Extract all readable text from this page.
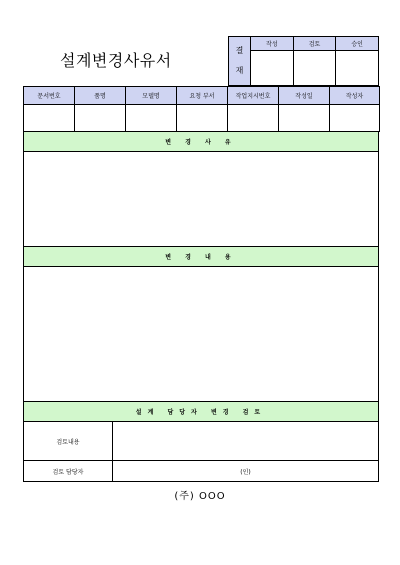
설계변경사유서
결
재	작성	검토	승인

문서번호	품명	모델명	요청 부서	작업지시번호	작성일	작성자

변 경 사 유	

변 경 내 용	

설계 담당자 변경 검토	
검토내용	
검토 담당자	(인)
(주) OOO
